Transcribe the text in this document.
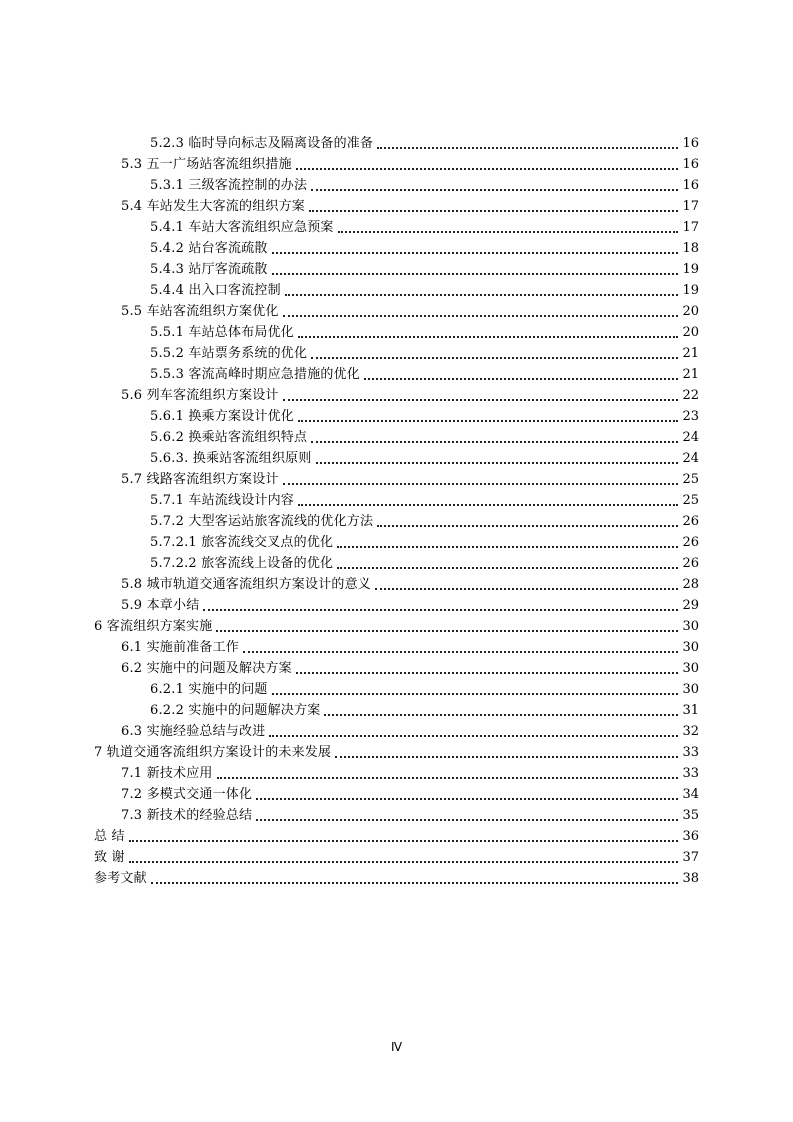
5.2.3 临时导向标志及隔离设备的准备	16
5.3 五一广场站客流组织措施	16
5.3.1 三级客流控制的办法	16
5.4 车站发生大客流的组织方案	17
5.4.1 车站大客流组织应急预案	17
5.4.2 站台客流疏散	18
5.4.3 站厅客流疏散	19
5.4.4 出入口客流控制	19
5.5 车站客流组织方案优化	20
5.5.1 车站总体布局优化	20
5.5.2 车站票务系统的优化	21
5.5.3 客流高峰时期应急措施的优化	21
5.6 列车客流组织方案设计	22
5.6.1 换乘方案设计优化	23
5.6.2 换乘站客流组织特点	24
5.6.3. 换乘站客流组织原则	24
5.7 线路客流组织方案设计	25
5.7.1 车站流线设计内容	25
5.7.2 大型客运站旅客流线的优化方法	26
5.7.2.1 旅客流线交叉点的优化	26
5.7.2.2 旅客流线上设备的优化	26
5.8 城市轨道交通客流组织方案设计的意义	28
5.9 本章小结	29
6 客流组织方案实施	30
6.1 实施前准备工作	30
6.2 实施中的问题及解决方案	30
6.2.1 实施中的问题	30
6.2.2 实施中的问题解决方案	31
6.3 实施经验总结与改进	32
7 轨道交通客流组织方案设计的未来发展	33
7.1 新技术应用	33
7.2 多模式交通一体化	34
7.3 新技术的经验总结	35
总 结	36
致 谢	37
参考文献	38
Ⅳ
